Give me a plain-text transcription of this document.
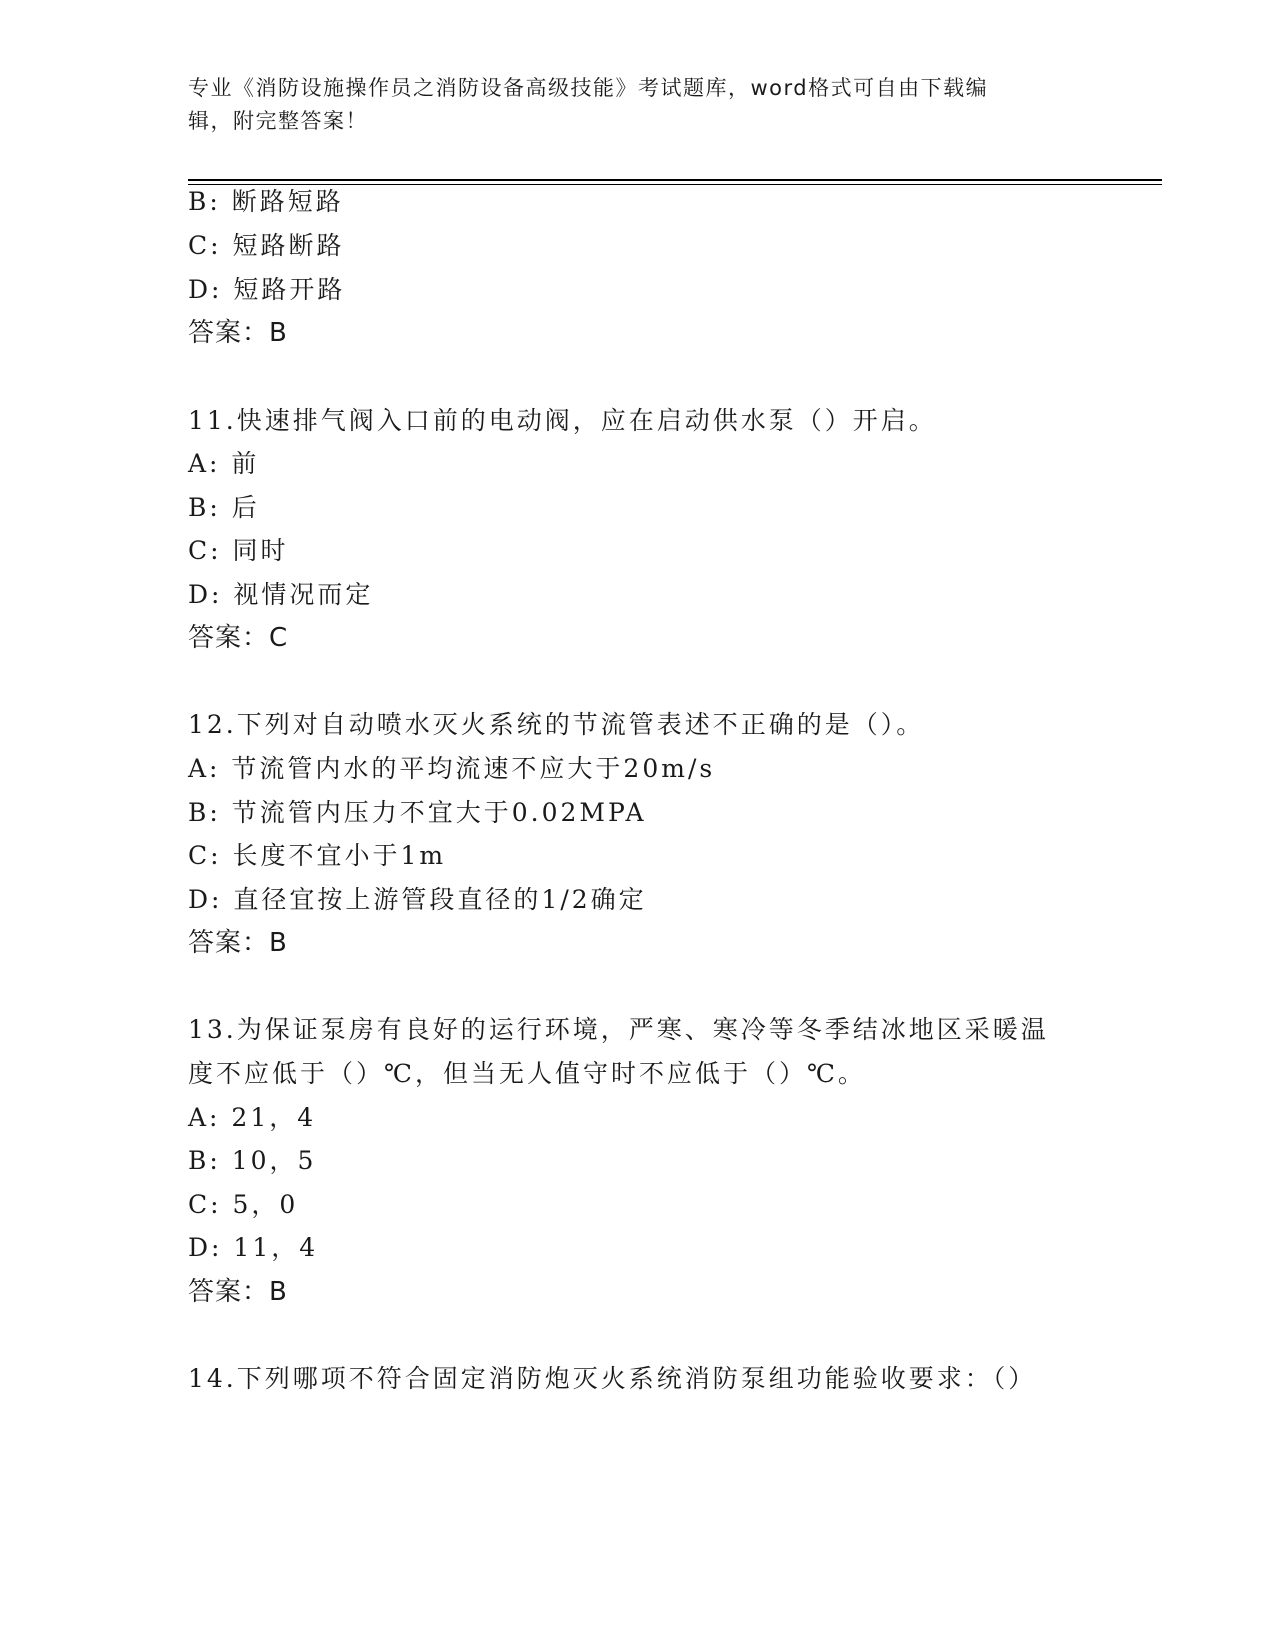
专业《消防设施操作员之消防设备高级技能》考试题库，word格式可自由下载编
辑，附完整答案！
B: 断路短路
C: 短路断路
D: 短路开路
答案：B
11.快速排气阀入口前的电动阀，应在启动供水泵（）开启。
A: 前
B: 后
C: 同时
D: 视情况而定
答案：C
12.下列对自动喷水灭火系统的节流管表述不正确的是（）。
A: 节流管内水的平均流速不应大于20m/s
B: 节流管内压力不宜大于0.02MPA
C: 长度不宜小于1m
D: 直径宜按上游管段直径的1/2确定
答案：B
13.为保证泵房有良好的运行环境，严寒、寒冷等冬季结冰地区采暖温
度不应低于（）℃，但当无人值守时不应低于（）℃。
A: 21，4
B: 10，5
C: 5，0
D: 11，4
答案：B
14.下列哪项不符合固定消防炮灭火系统消防泵组功能验收要求：（）
